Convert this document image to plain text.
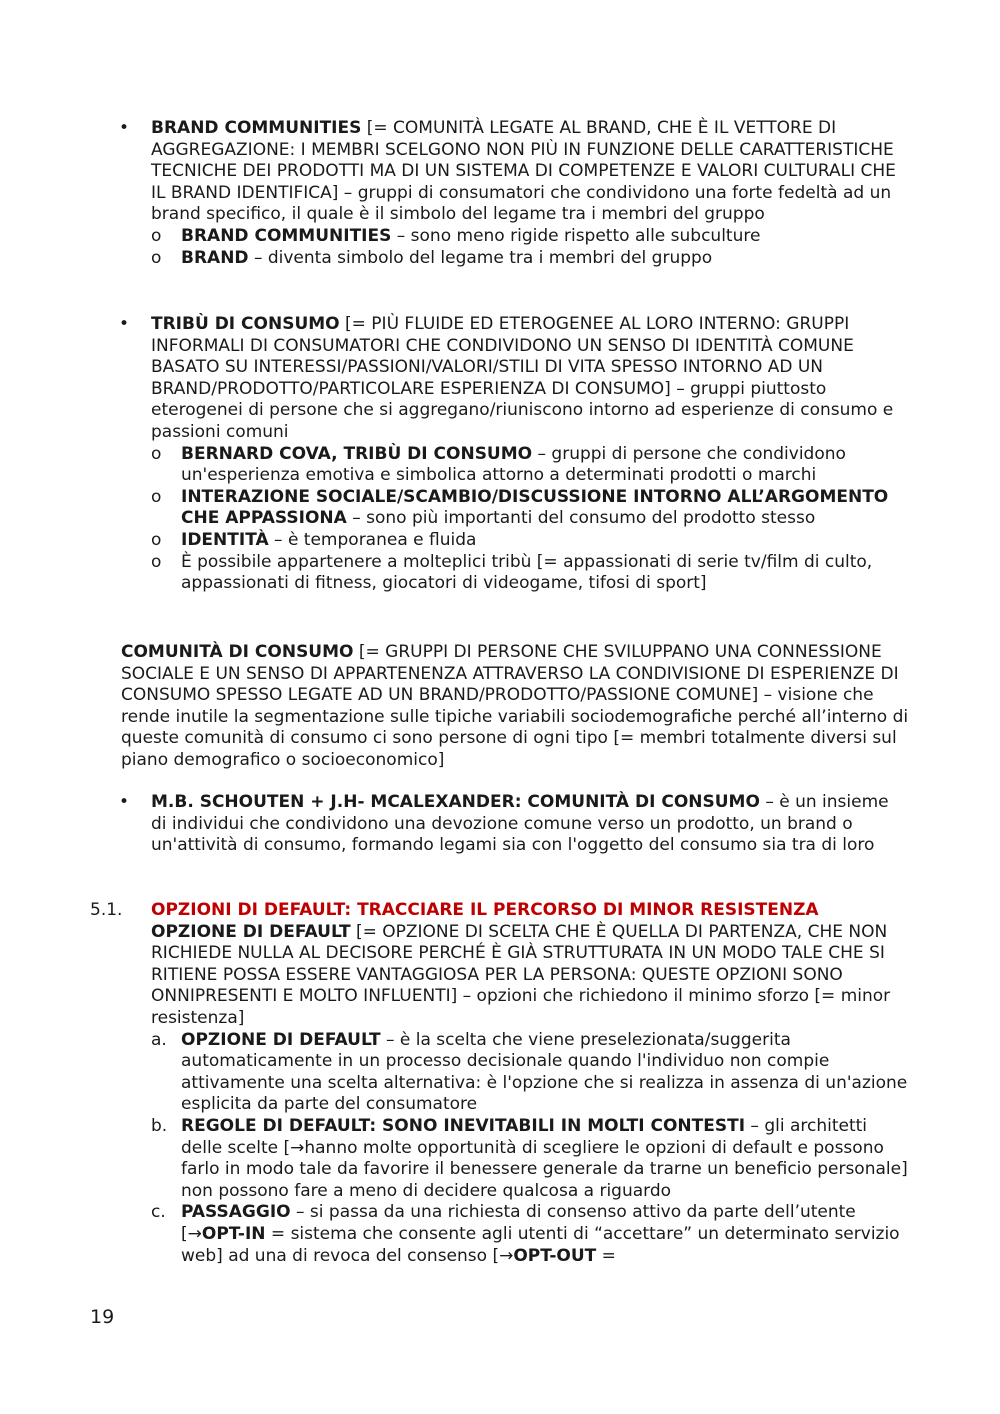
• BRAND COMMUNITIES [= COMUNITÀ LEGATE AL BRAND, CHE È IL VETTORE DI AGGREGAZIONE: I MEMBRI SCELGONO NON PIÙ IN FUNZIONE DELLE CARATTERISTICHE TECNICHE DEI PRODOTTI MA DI UN SISTEMA DI COMPETENZE E VALORI CULTURALI CHE IL BRAND IDENTIFICA] – gruppi di consumatori che condividono una forte fedeltà ad un brand specifico, il quale è il simbolo del legame tra i membri del gruppo
o BRAND COMMUNITIES – sono meno rigide rispetto alle subculture
o BRAND – diventa simbolo del legame tra i membri del gruppo
• TRIBÙ DI CONSUMO [= PIÙ FLUIDE ED ETEROGENEE AL LORO INTERNO: GRUPPI INFORMALI DI CONSUMATORI CHE CONDIVIDONO UN SENSO DI IDENTITÀ COMUNE BASATO SU INTERESSI/PASSIONI/VALORI/STILI DI VITA SPESSO INTORNO AD UN BRAND/PRODOTTO/PARTICOLARE ESPERIENZA DI CONSUMO] – gruppi piuttosto eterogenei di persone che si aggregano/riuniscono intorno ad esperienze di consumo e passioni comuni
o BERNARD COVA, TRIBÙ DI CONSUMO – gruppi di persone che condividono un'esperienza emotiva e simbolica attorno a determinati prodotti o marchi
o INTERAZIONE SOCIALE/SCAMBIO/DISCUSSIONE INTORNO ALL’ARGOMENTO CHE APPASSIONA – sono più importanti del consumo del prodotto stesso
o IDENTITÀ – è temporanea e fluida
o È possibile appartenere a molteplici tribù [= appassionati di serie tv/film di culto, appassionati di fitness, giocatori di videogame, tifosi di sport]
COMUNITÀ DI CONSUMO [= GRUPPI DI PERSONE CHE SVILUPPANO UNA CONNESSIONE SOCIALE E UN SENSO DI APPARTENENZA ATTRAVERSO LA CONDIVISIONE DI ESPERIENZE DI CONSUMO SPESSO LEGATE AD UN BRAND/PRODOTTO/PASSIONE COMUNE] – visione che rende inutile la segmentazione sulle tipiche variabili sociodemografiche perché all’interno di queste comunità di consumo ci sono persone di ogni tipo [= membri totalmente diversi sul piano demografico o socioeconomico]
• M.B. SCHOUTEN + J.H- MCALEXANDER: COMUNITÀ DI CONSUMO – è un insieme di individui che condividono una devozione comune verso un prodotto, un brand o un'attività di consumo, formando legami sia con l'oggetto del consumo sia tra di loro
5.1. OPZIONI DI DEFAULT: TRACCIARE IL PERCORSO DI MINOR RESISTENZA
OPZIONE DI DEFAULT [= OPZIONE DI SCELTA CHE È QUELLA DI PARTENZA, CHE NON RICHIEDE NULLA AL DECISORE PERCHÉ È GIÀ STRUTTURATA IN UN MODO TALE CHE SI RITIENE POSSA ESSERE VANTAGGIOSA PER LA PERSONA: QUESTE OPZIONI SONO ONNIPRESENTI E MOLTO INFLUENTI] – opzioni che richiedono il minimo sforzo [= minor resistenza]
a. OPZIONE DI DEFAULT – è la scelta che viene preselezionata/suggerita automaticamente in un processo decisionale quando l'individuo non compie attivamente una scelta alternativa: è l'opzione che si realizza in assenza di un'azione esplicita da parte del consumatore
b. REGOLE DI DEFAULT: SONO INEVITABILI IN MOLTI CONTESTI – gli architetti delle scelte [→hanno molte opportunità di scegliere le opzioni di default e possono farlo in modo tale da favorire il benessere generale da trarne un beneficio personale] non possono fare a meno di decidere qualcosa a riguardo
c. PASSAGGIO – si passa da una richiesta di consenso attivo da parte dell’utente [→OPT-IN = sistema che consente agli utenti di “accettare” un determinato servizio web] ad una di revoca del consenso [→OPT-OUT =
19
